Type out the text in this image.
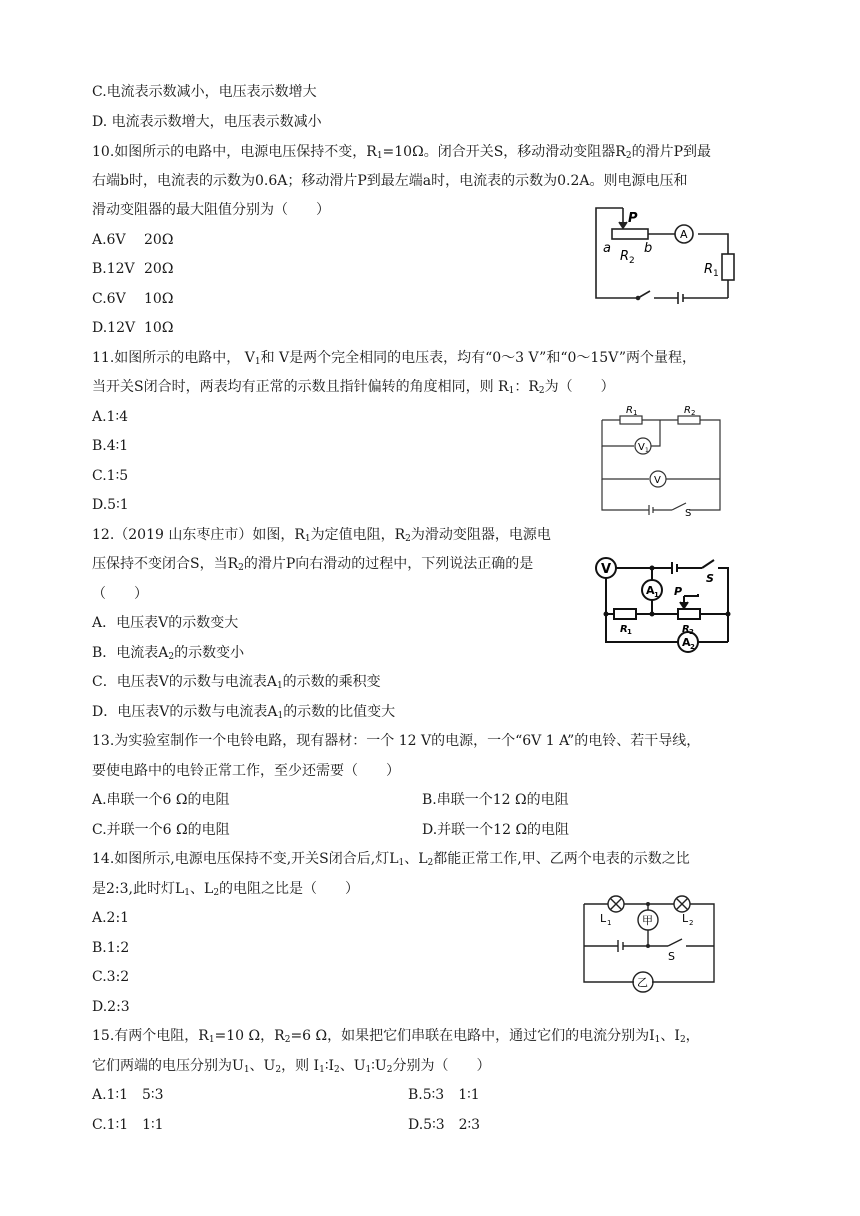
C.电流表示数减小，电压表示数增大
D. 电流表示数增大，电压表示数减小
10.如图所示的电路中，电源电压保持不变，$R_1=10\Omega$。闭合开关S，移动滑动变阻器$R_2$的滑片P到最
右端b时，电流表的示数为0.6A；移动滑片P到最左端a时，电流表的示数为0.2A。则电源电压和
滑动变阻器的最大阻值分别为（　　）
A.6V 20Ω
B.12V 20Ω
C.6V 10Ω
D.12V 10Ω
P
a	b
R 2
A
R 1
11.如图所示的电路中， $V_1$和 V是两个完全相同的电压表，均有“0～3 V”和“0～15V”两个量程，
当开关S闭合时，两表均有正常的示数且指针偏转的角度相同，则 $R_1$：$R_2$为（　　）
A.1∶4
B.4∶1
C.1∶5
D.5∶1
R 1	R 2
V 1
V
S
12.（2019 山东枣庄市）如图，$R_1$为定值电阻，$R_2$为滑动变阻器，电源电
压保持不变闭合S，当$R_2$的滑片P向右滑动的过程中，下列说法正确的是
（　　）
A．电压表V的示数变大
B．电流表$A_2$的示数变小
C．电压表V的示数与电流表$A_1$的示数的乘积变
D．电压表V的示数与电流表$A_1$的示数的比值变大
V
A 1
A 2
S
P
R 1	R 2
13.为实验室制作一个电铃电路，现有器材：一个 12 V的电源，一个“6V 1 A”的电铃、若干导线，
要使电路中的电铃正常工作，至少还需要（　　）
A.串联一个6 Ω的电阻	B.串联一个12 Ω的电阻
C.并联一个6 Ω的电阻	D.并联一个12 Ω的电阻
14.如图所示,电源电压保持不变,开关S闭合后,灯$L_1$、$L_2$都能正常工作,甲、乙两个电表的示数之比
是2:3,此时灯$L_1$、$L_2$的电阻之比是（　　）
A.2:1
B.1:2
C.3:2
D.2:3
L 1	L 2
甲
乙
S
15.有两个电阻，$R_1=10$ Ω，$R_2=6$ Ω，如果把它们串联在电路中，通过它们的电流分别为$I_1$、$I_2$，
它们两端的电压分别为$U_1$、$U_2$，则 $I_1∶I_2$、$U_1∶U_2$分别为（　　）
A.1∶1　5∶3	B.5∶3　1∶1
C.1∶1　1∶1	D.5∶3　2∶3
